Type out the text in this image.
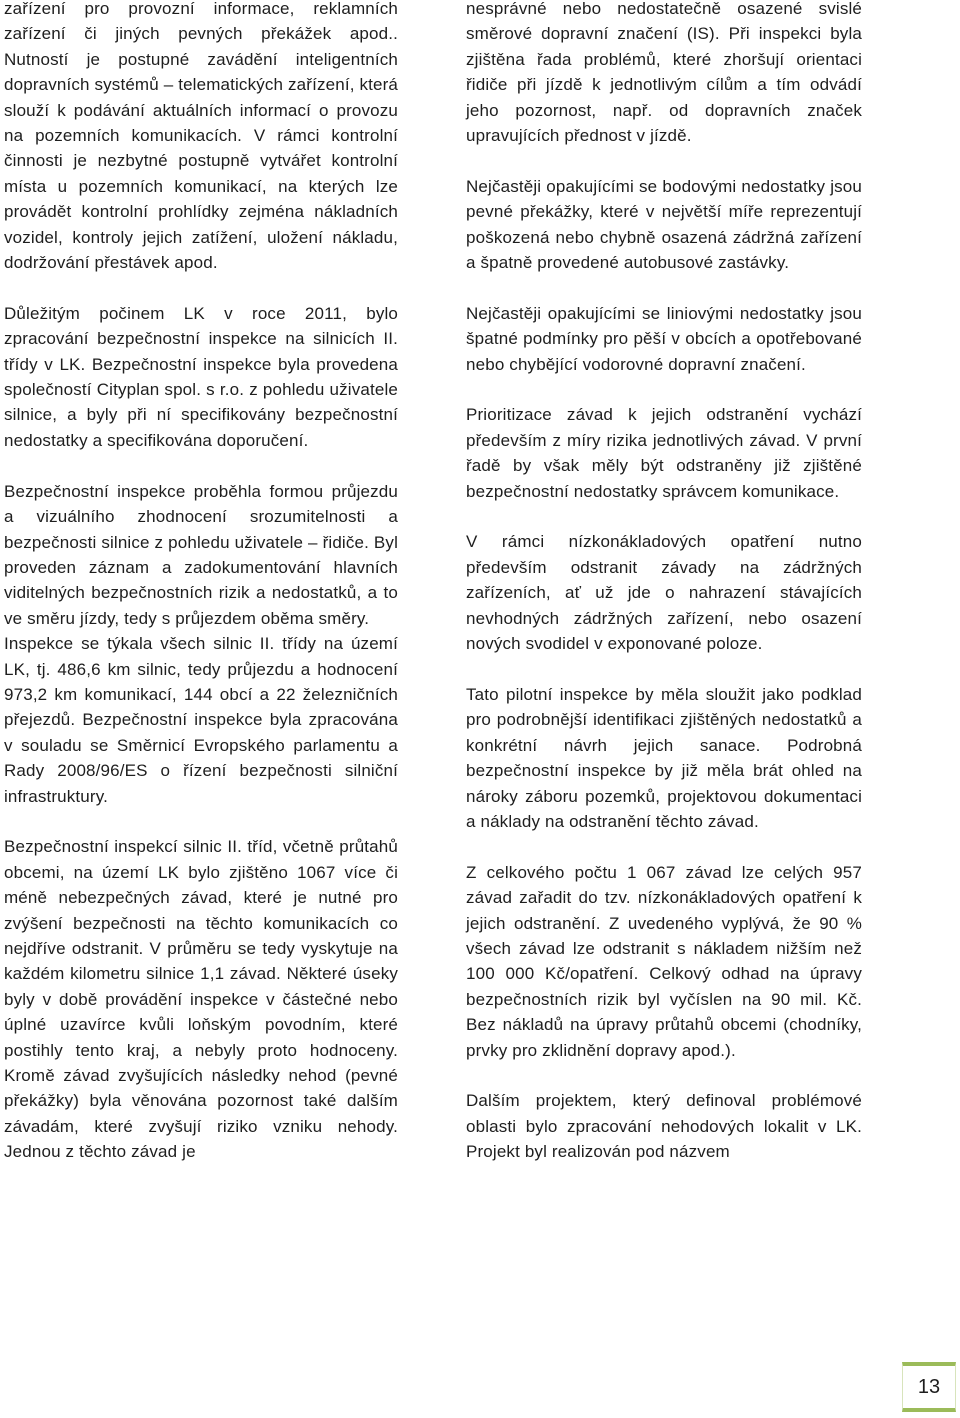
zařízení pro provozní informace, reklamních zařízení či jiných pevných překážek apod.. Nutností je postupné zavádění inteligentních dopravních systémů – telematických zařízení, která slouží k podávání aktuálních informací o provozu na pozemních komunikacích. V rámci kontrolní činnosti je nezbytné postupně vytvářet kontrolní místa u pozemních komunikací, na kterých lze provádět kontrolní prohlídky zejména nákladních vozidel, kontroly jejich zatížení, uložení nákladu, dodržování přestávek apod.

Důležitým počinem LK v roce 2011, bylo zpracování bezpečnostní inspekce na silnicích II. třídy v LK. Bezpečnostní inspekce byla provedena společností Cityplan spol. s r.o. z pohledu uživatele silnice, a byly při ní specifikovány bezpečnostní nedostatky a specifikována doporučení.

Bezpečnostní inspekce proběhla formou průjezdu a vizuálního zhodnocení srozumitelnosti a bezpečnosti silnice z pohledu uživatele – řidiče. Byl proveden záznam a zadokumentování hlavních viditelných bezpečnostních rizik a nedostatků, a to ve směru jízdy, tedy s průjezdem oběma směry.

Inspekce se týkala všech silnic II. třídy na území LK, tj. 486,6 km silnic, tedy průjezdu a hodnocení 973,2 km komunikací, 144 obcí a 22 železničních přejezdů. Bezpečnostní inspekce byla zpracována v souladu se Směrnicí Evropského parlamentu a Rady 2008/96/ES o řízení bezpečnosti silniční infrastruktury.

Bezpečnostní inspekcí silnic II. tříd, včetně průtahů obcemi, na území LK bylo zjištěno 1067 více či méně nebezpečných závad, které je nutné pro zvýšení bezpečnosti na těchto komunikacích co nejdříve odstranit. V průměru se tedy vyskytuje na každém kilometru silnice 1,1 závad. Některé úseky byly v době provádění inspekce v částečné nebo úplné uzavírce kvůli loňským povodním, které postihly tento kraj, a nebyly proto hodnoceny. Kromě závad zvyšujících následky nehod (pevné překážky) byla věnována pozornost také dalším závadám, které zvyšují riziko vzniku nehody. Jednou z těchto závad je

nesprávné nebo nedostatečně osazené svislé směrové dopravní značení (IS). Při inspekci byla zjištěna řada problémů, které zhoršují orientaci řidiče při jízdě k jednotlivým cílům a tím odvádí jeho pozornost, např. od dopravních značek upravujících přednost v jízdě.

Nejčastěji opakujícími se bodovými nedostatky jsou pevné překážky, které v největší míře reprezentují poškozená nebo chybně osazená zádržná zařízení a špatně provedené autobusové zastávky.

Nejčastěji opakujícími se liniovými nedostatky jsou špatné podmínky pro pěší v obcích a opotřebované nebo chybějící vodorovné dopravní značení.

Prioritizace závad k jejich odstranění vychází především z míry rizika jednotlivých závad. V první řadě by však měly být odstraněny již zjištěné bezpečnostní nedostatky správcem komunikace.

V rámci nízkonákladových opatření nutno především odstranit závady na zádržných zařízeních, ať už jde o nahrazení stávajících nevhodných zádržných zařízení, nebo osazení nových svodidel v exponované poloze.

Tato pilotní inspekce by měla sloužit jako podklad pro podrobnější identifikaci zjištěných nedostatků a konkrétní návrh jejich sanace. Podrobná bezpečnostní inspekce by již měla brát ohled na nároky záboru pozemků, projektovou dokumentaci a náklady na odstranění těchto závad.

Z celkového počtu 1 067 závad lze celých 957 závad zařadit do tzv. nízkonákladových opatření k jejich odstranění. Z uvedeného vyplývá, že 90 % všech závad lze odstranit s nákladem nižším než 100 000 Kč/opatření. Celkový odhad na úpravy bezpečnostních rizik byl vyčíslen na 90 mil. Kč. Bez nákladů na úpravy průtahů obcemi (chodníky, prvky pro zklidnění dopravy apod.).

Dalším projektem, který definoval problémové oblasti bylo zpracování nehodových lokalit v LK. Projekt byl realizován pod názvem

13
